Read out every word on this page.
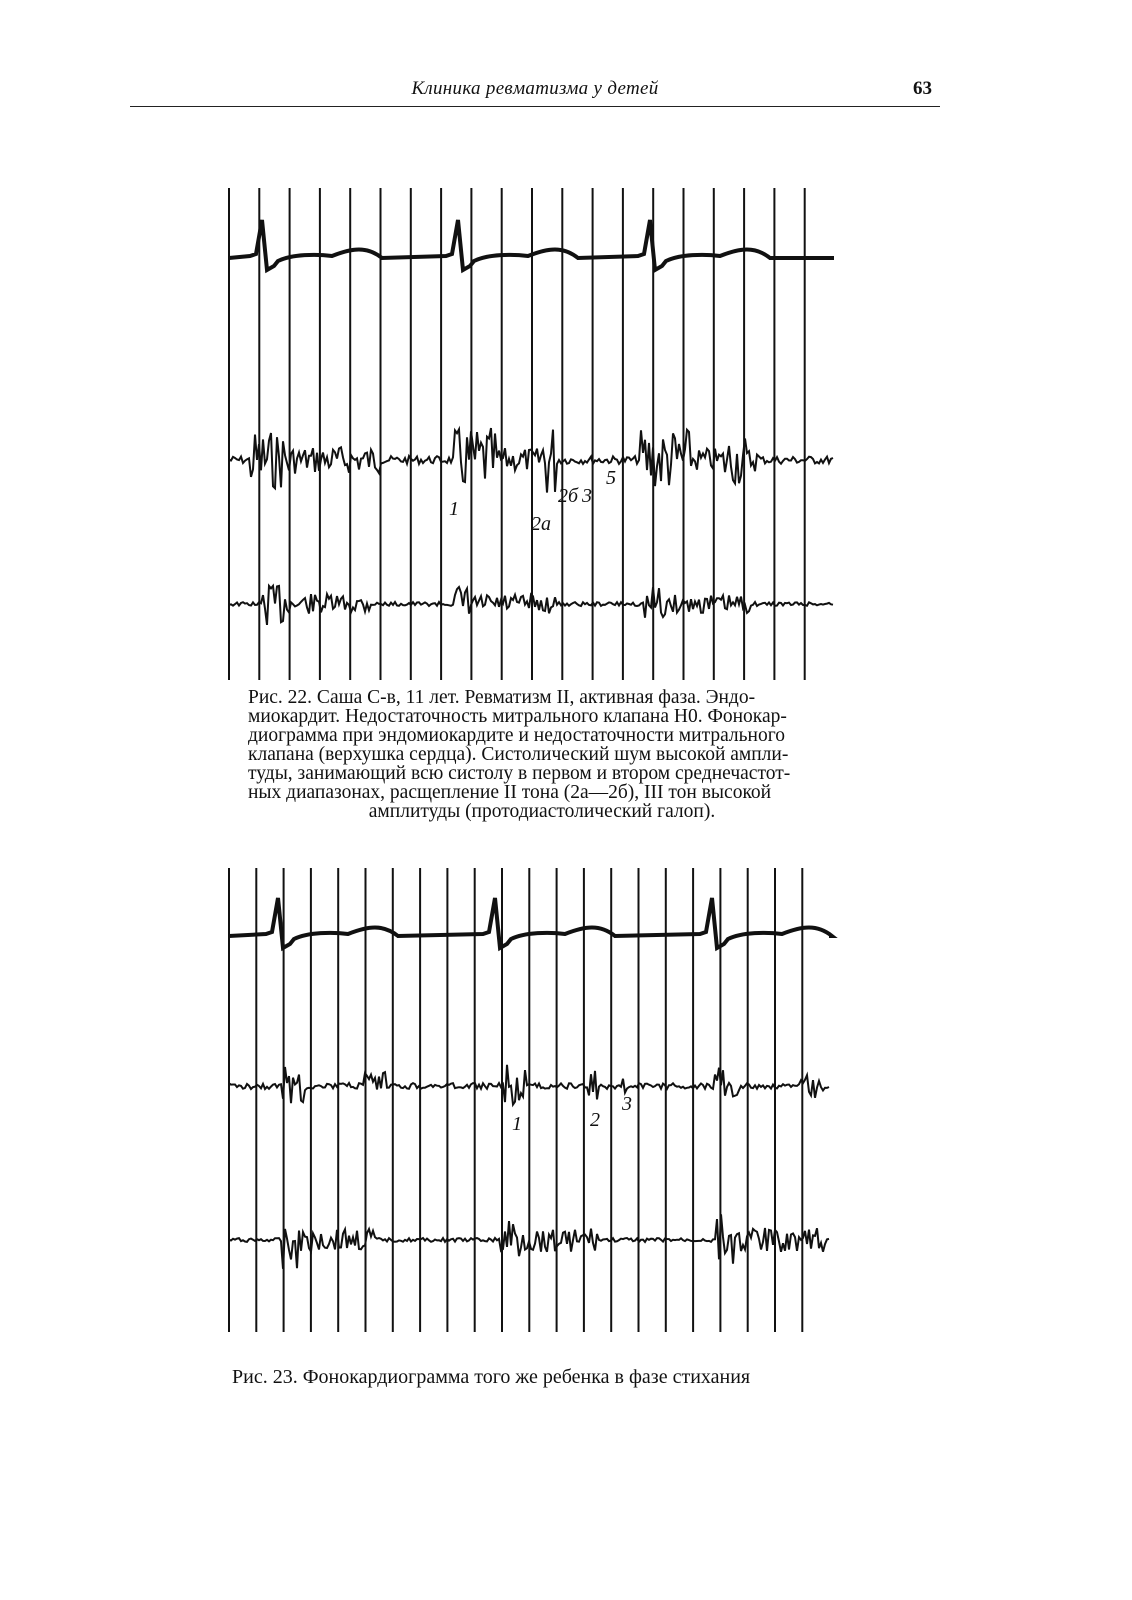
Клиника ревматизма у детей	63
1
2a
2б 3
5
Рис. 22. Саша С-в, 11 лет. Ревматизм II, активная фаза. Эндо-
миокардит. Недостаточность митрального клапана H0. Фонокар-
диограмма при эндомиокардите и недостаточности митрального
клапана (верхушка сердца). Систолический шум высокой ампли-
туды, занимающий всю систолу в первом и втором среднечастот-
ных диапазонах, расщепление II тона (2а—2б), III тон высокой
амплитуды (протодиастолический галоп).
1	2
3
Рис. 23. Фонокардиограмма того же ребенка в фазе стихания
